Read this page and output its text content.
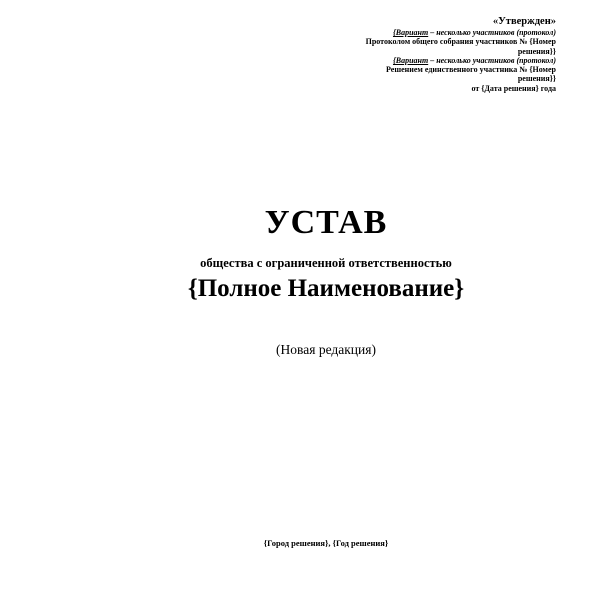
«Утвержден»
{Вариант – несколько участников (протокол)
Протоколом общего собрания участников № {Номер
решения}}
{Вариант – несколько участников (протокол)
Решением единственного участника № {Номер
решения}}
от {Дата решения} года
УСТАВ
общества с ограниченной ответственностью
{Полное Наименование}
(Новая редакция)
{Город решения}, {Год решения}
